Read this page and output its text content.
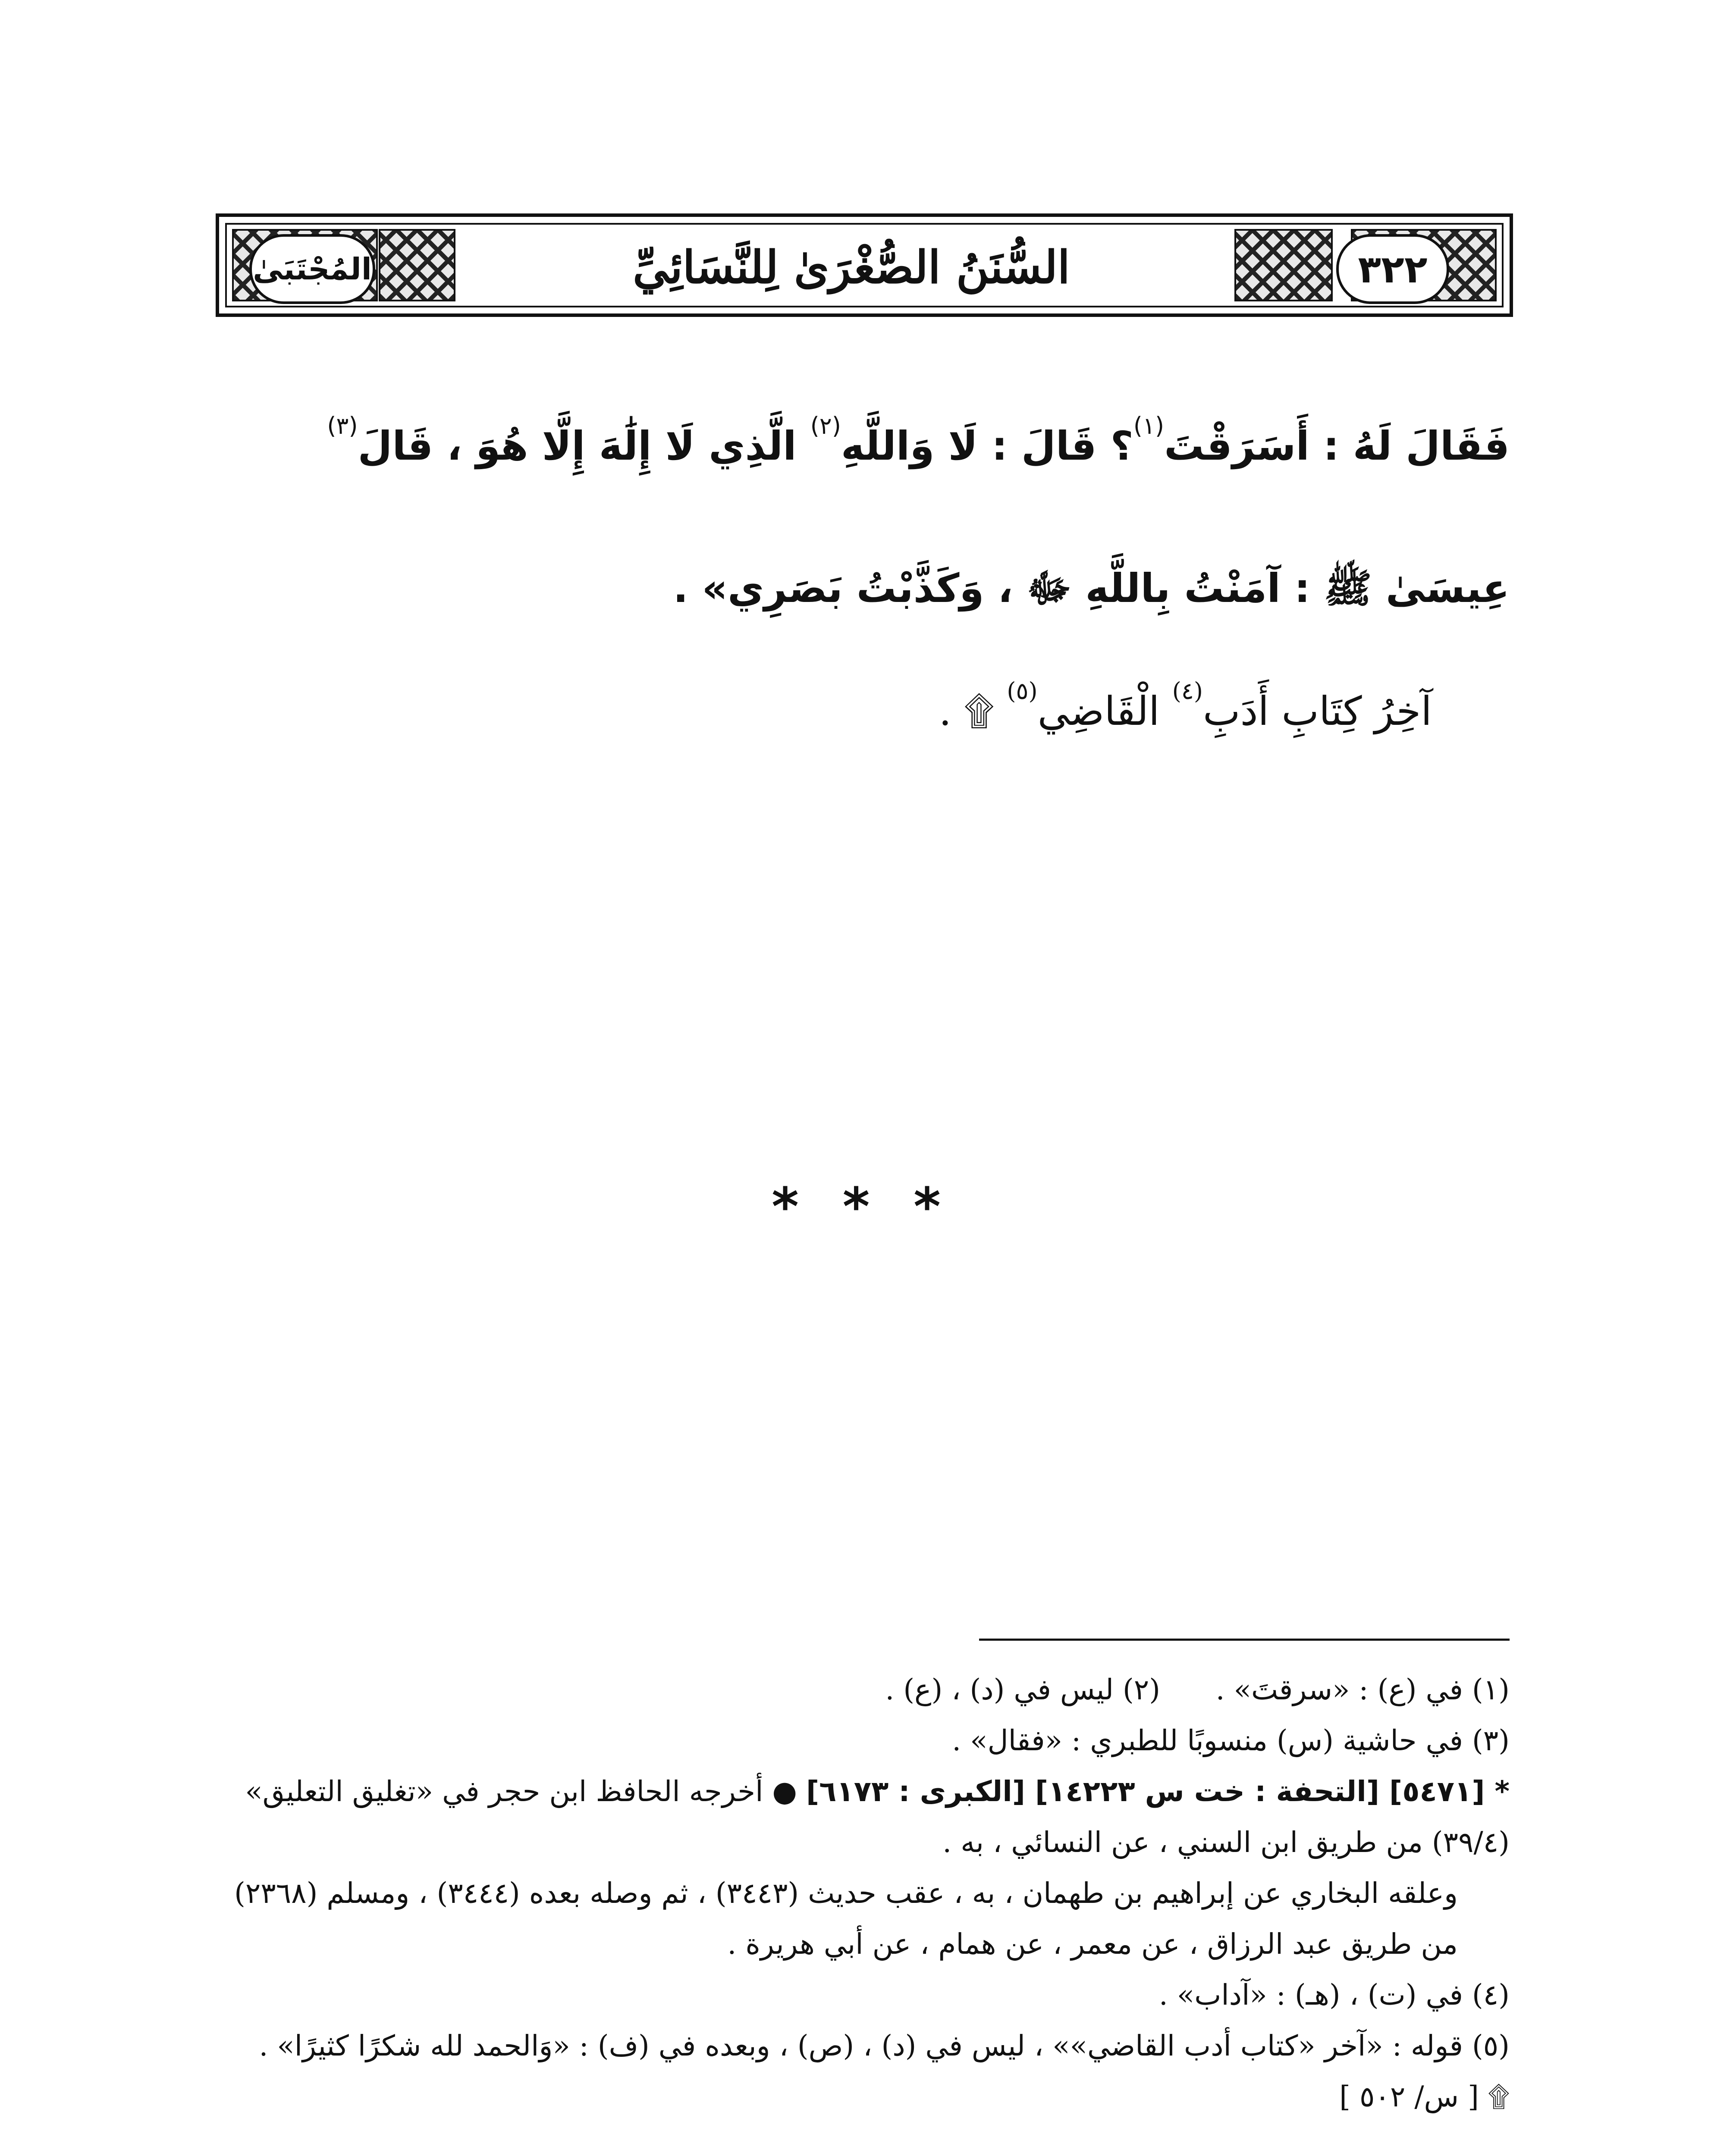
٣٢٢
المُجْتَبَىٰ	السُّنَنُ الصُّغْرَىٰ لِلنَّسَائِيِّ

فَقَالَ لَهُ : أَسَرَقْتَ$^{(١)}$؟ قَالَ : لَا وَاللَّهِ$^{(٢)}$ الَّذِي لَا إِلَٰهَ إِلَّا هُوَ ، قَالَ$^{(٣)}$ عِيسَىٰ ﷺ : آمَنْتُ بِاللَّهِ ﷻ ، وَكَذَّبْتُ بَصَرِي» .

آخِرُ كِتَابِ أَدَبِ$^{(٤)}$ الْقَاضِي$^{(٥)}$ ۩ .

* * *
(١) في (ع) : «سرقتَ» .
(٢) ليس في (د) ، (ع) .
(٣) في حاشية (س) منسوبًا للطبري : «فقال» .
* [٥٤٧١] [التحفة : خت س ١٤٢٢٣] [الكبرى : ٦١٧٣] ● أخرجه الحافظ ابن حجر في «تغليق التعليق» (٣٩/٤) من طريق ابن السني ، عن النسائي ، به .
وعلقه البخاري عن إبراهيم بن طهمان ، به ، عقب حديث (٣٤٤٣) ، ثم وصله بعده (٣٤٤٤) ، ومسلم (٢٣٦٨) من طريق عبد الرزاق ، عن معمر ، عن همام ، عن أبي هريرة .
(٤) في (ت) ، (هـ) : «آداب» .
(٥) قوله : «آخر «كتاب أدب القاضي»» ، ليس في (د) ، (ص) ، وبعده في (ف) : «وَالحمد لله شكرًا كثيرًا» .
۩ [ س/ ٥٠٢ ]
